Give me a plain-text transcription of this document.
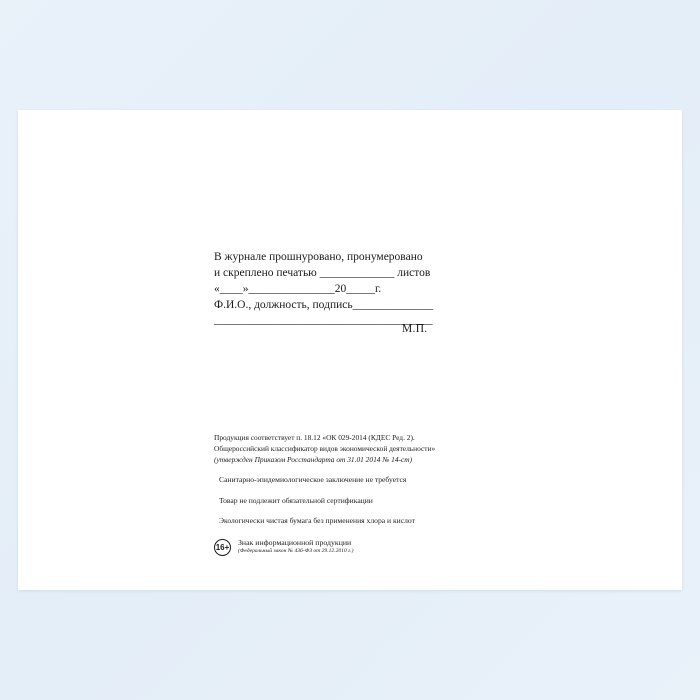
В журнале прошнуровано, пронумеровано
и скреплено печатью _____________ листов
«____»_______________20_____г.
Ф.И.О., должность, подпись______________
______________________________________
М.П.
Продукция соответствует п. 18.12 «ОК 029-2014 (КДЕС Ред. 2).
Общероссийский классификатор видов экономической деятельности»
(утвержден Приказом Росстандарта от 31.01 2014 № 14-ст)
Санитарно-эпидемиологическое заключение не требуется
Товар не подлежит обязательной сертификации
Экологически чистая бумага без применения хлора и кислот
16+
Знак информационной продукции
(Федеральный закон № 436-ФЗ от 29.12.2010 г.)
